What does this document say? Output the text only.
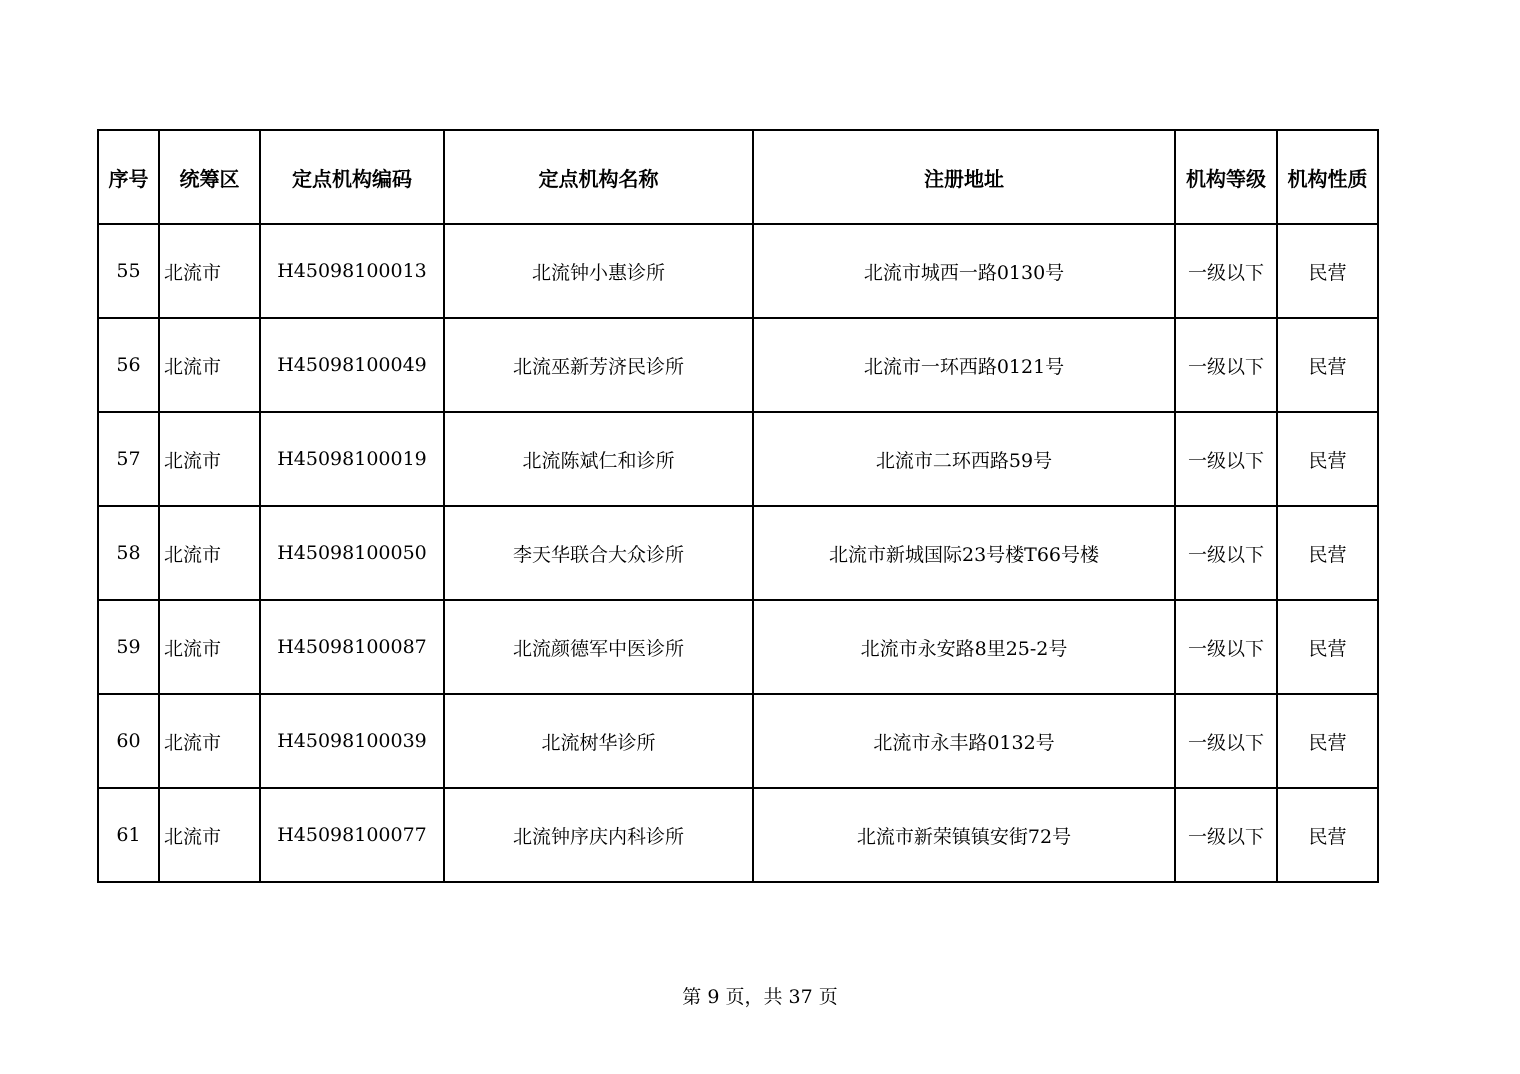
序号	统筹区	定点机构编码	定点机构名称	注册地址	机构等级	机构性质
55	北流市	H45098100013	北流钟小惠诊所	北流市城西一路0130号	一级以下	民营
56	北流市	H45098100049	北流巫新芳济民诊所	北流市一环西路0121号	一级以下	民营
57	北流市	H45098100019	北流陈斌仁和诊所	北流市二环西路59号	一级以下	民营
58	北流市	H45098100050	李天华联合大众诊所	北流市新城国际23号楼T66号楼	一级以下	民营
59	北流市	H45098100087	北流颜德军中医诊所	北流市永安路8里25-2号	一级以下	民营
60	北流市	H45098100039	北流树华诊所	北流市永丰路0132号	一级以下	民营
61	北流市	H45098100077	北流钟序庆内科诊所	北流市新荣镇镇安街72号	一级以下	民营
第 9 页，共 37 页
